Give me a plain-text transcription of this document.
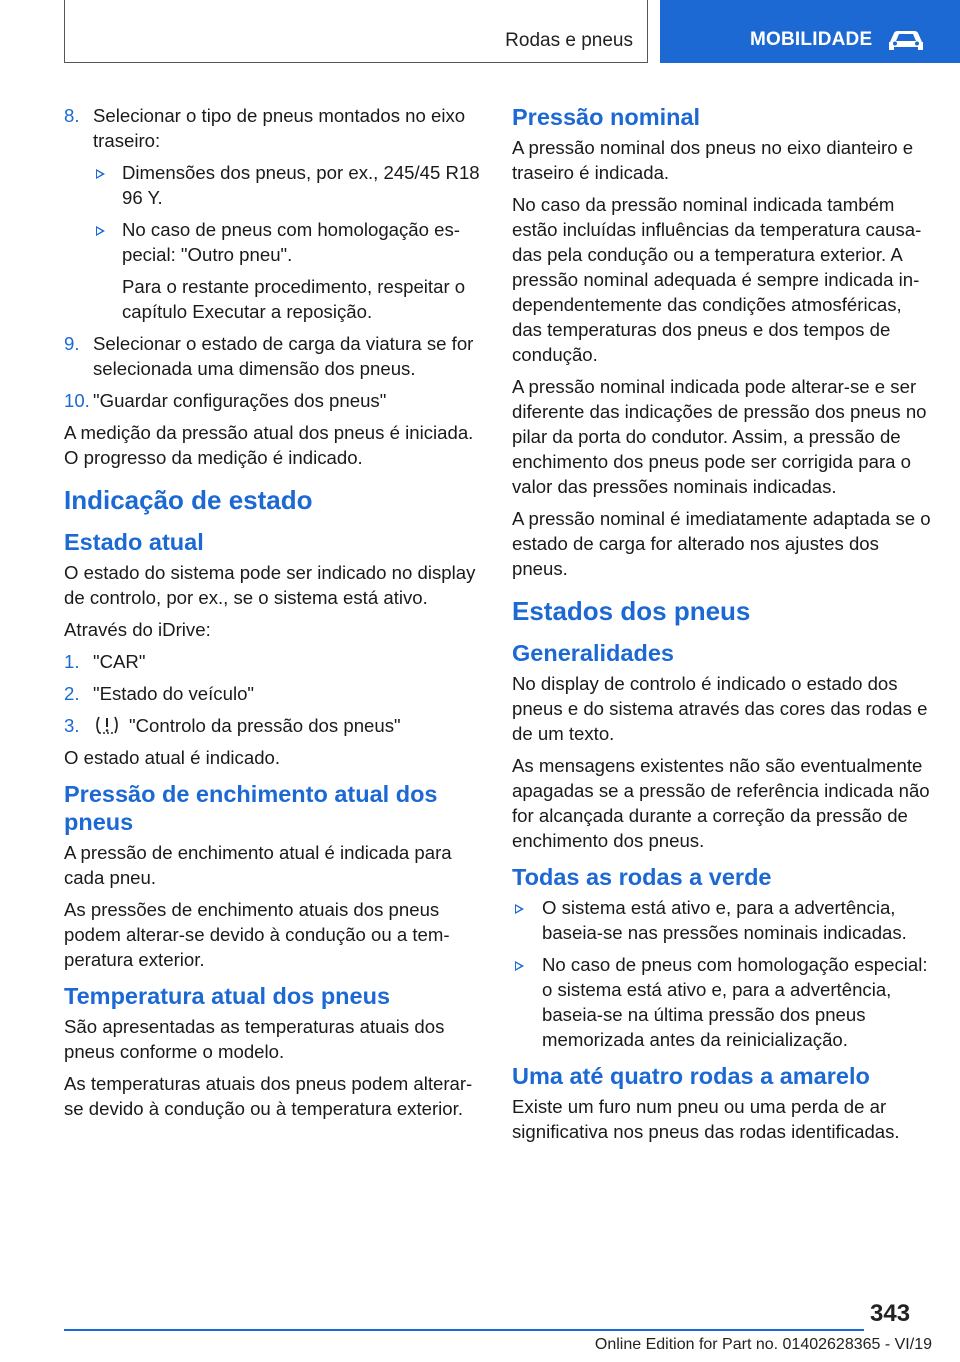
Rodas e pneus	MOBILIDADE
8. Selecionar o tipo de pneus montados no eixo traseiro:
Dimensões dos pneus, por ex., 245/45 R18 96 Y.
No caso de pneus com homologação especial: "Outro pneu".
Para o restante procedimento, respeitar o capítulo Executar a reposição.
9. Selecionar o estado de carga da viatura se for selecionada uma dimensão dos pneus.
10. "Guardar configurações dos pneus"

A medição da pressão atual dos pneus é iniciada. O progresso da medição é indicado.

Indicação de estado
Estado atual

O estado do sistema pode ser indicado no display de controlo, por ex., se o sistema está ativo.

Através do iDrive:

1. "CAR"
2. "Estado do veículo"
3.	"Controlo da pressão dos pneus"

O estado atual é indicado.

Pressão de enchimento atual dos pneus

A pressão de enchimento atual é indicada para cada pneu.

As pressões de enchimento atuais dos pneus podem alterar-se devido à condução ou a temperatura exterior.

Temperatura atual dos pneus

São apresentadas as temperaturas atuais dos pneus conforme o modelo.

As temperaturas atuais dos pneus podem alterar-se devido à condução ou à temperatura exterior.

Pressão nominal

A pressão nominal dos pneus no eixo dianteiro e traseiro é indicada.

No caso da pressão nominal indicada também estão incluídas influências da temperatura causadas pela condução ou a temperatura exterior. A pressão nominal adequada é sempre indicada independentemente das condições atmosféricas, das temperaturas dos pneus e dos tempos de condução.

A pressão nominal indicada pode alterar-se e ser diferente das indicações de pressão dos pneus no pilar da porta do condutor. Assim, a pressão de enchimento dos pneus pode ser corrigida para o valor das pressões nominais indicadas.

A pressão nominal é imediatamente adaptada se o estado de carga for alterado nos ajustes dos pneus.

Estados dos pneus
Generalidades

No display de controlo é indicado o estado dos pneus e do sistema através das cores das rodas e de um texto.

As mensagens existentes não são eventualmente apagadas se a pressão de referência indicada não for alcançada durante a correção da pressão de enchimento dos pneus.

Todas as rodas a verde
O sistema está ativo e, para a advertência, baseia-se nas pressões nominais indicadas.
No caso de pneus com homologação especial: o sistema está ativo e, para a advertência, baseia-se na última pressão dos pneus memorizada antes da reinicialização.
Uma até quatro rodas a amarelo

Existe um furo num pneu ou uma perda de ar significativa nos pneus das rodas identificadas.

343
Online Edition for Part no. 01402628365 - VI/19
